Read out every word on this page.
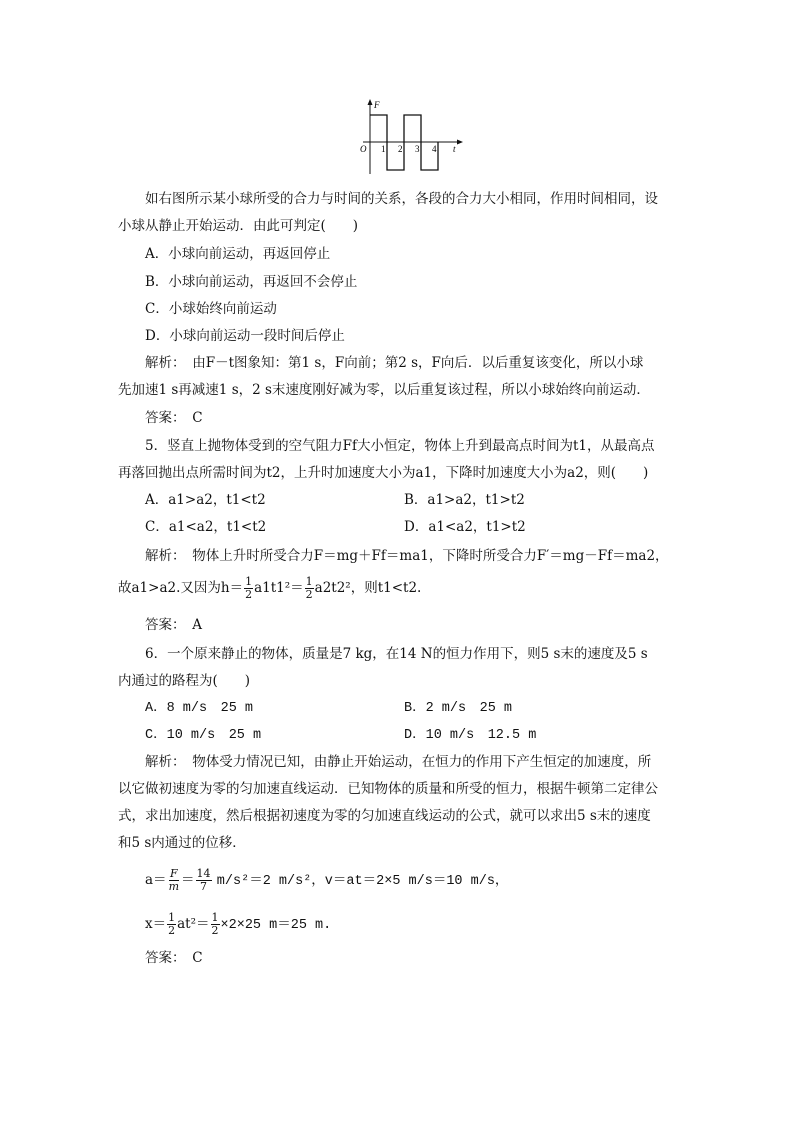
F
O 1 2 3 4 t
如右图所示某小球所受的合力与时间的关系，各段的合力大小相同，作用时间相同，设
小球从静止开始运动．由此可判定(　　)
A．小球向前运动，再返回停止
B．小球向前运动，再返回不会停止
C．小球始终向前运动
D．小球向前运动一段时间后停止
解析：　由F－t图象知：第1 s，F向前；第2 s，F向后．以后重复该变化，所以小球
先加速1 s再减速1 s，2 s末速度刚好减为零，以后重复该过程，所以小球始终向前运动．
答案：　C
5．竖直上抛物体受到的空气阻力Ff大小恒定，物体上升到最高点时间为t1，从最高点
再落回抛出点所需时间为t2，上升时加速度大小为a1，下降时加速度大小为a2，则(　　)
A．a1>a2，t1<t2	B．a1>a2，t1>t2
C．a1<a2，t1<t2	D．a1<a2，t1>t2
解析：　物体上升时所受合力F＝mg＋Ff＝ma1，下降时所受合力F′＝mg－Ff＝ma2，
故a1>a2.又因为$h= \frac{1}{2} a1t1^2= \frac{1}{2} a2t2^2$，则t1<t2.
答案：　A
6．一个原来静止的物体，质量是7 kg，在14 N的恒力作用下，则5 s末的速度及5 s
内通过的路程为(　　)
A．8 m/s　25 m	B．2 m/s　25 m
C．10 m/s　25 m	D．10 m/s　12.5 m
解析：　物体受力情况已知，由静止开始运动，在恒力的作用下产生恒定的加速度，所
以它做初速度为零的匀加速直线运动．已知物体的质量和所受的恒力，根据牛顿第二定律公
式，求出加速度，然后根据初速度为零的匀加速直线运动的公式，就可以求出5 s末的速度
和5 s内通过的位移．
$a= \frac{F}{m} = \frac{14}{7} m/s^2=2$ m/s²，v＝at＝2×5 m/s＝10 m/s，
$x= \frac{1}{2} at^2= \frac{1}{2} \times 2\times 25$ m＝25 m.
答案：　C
